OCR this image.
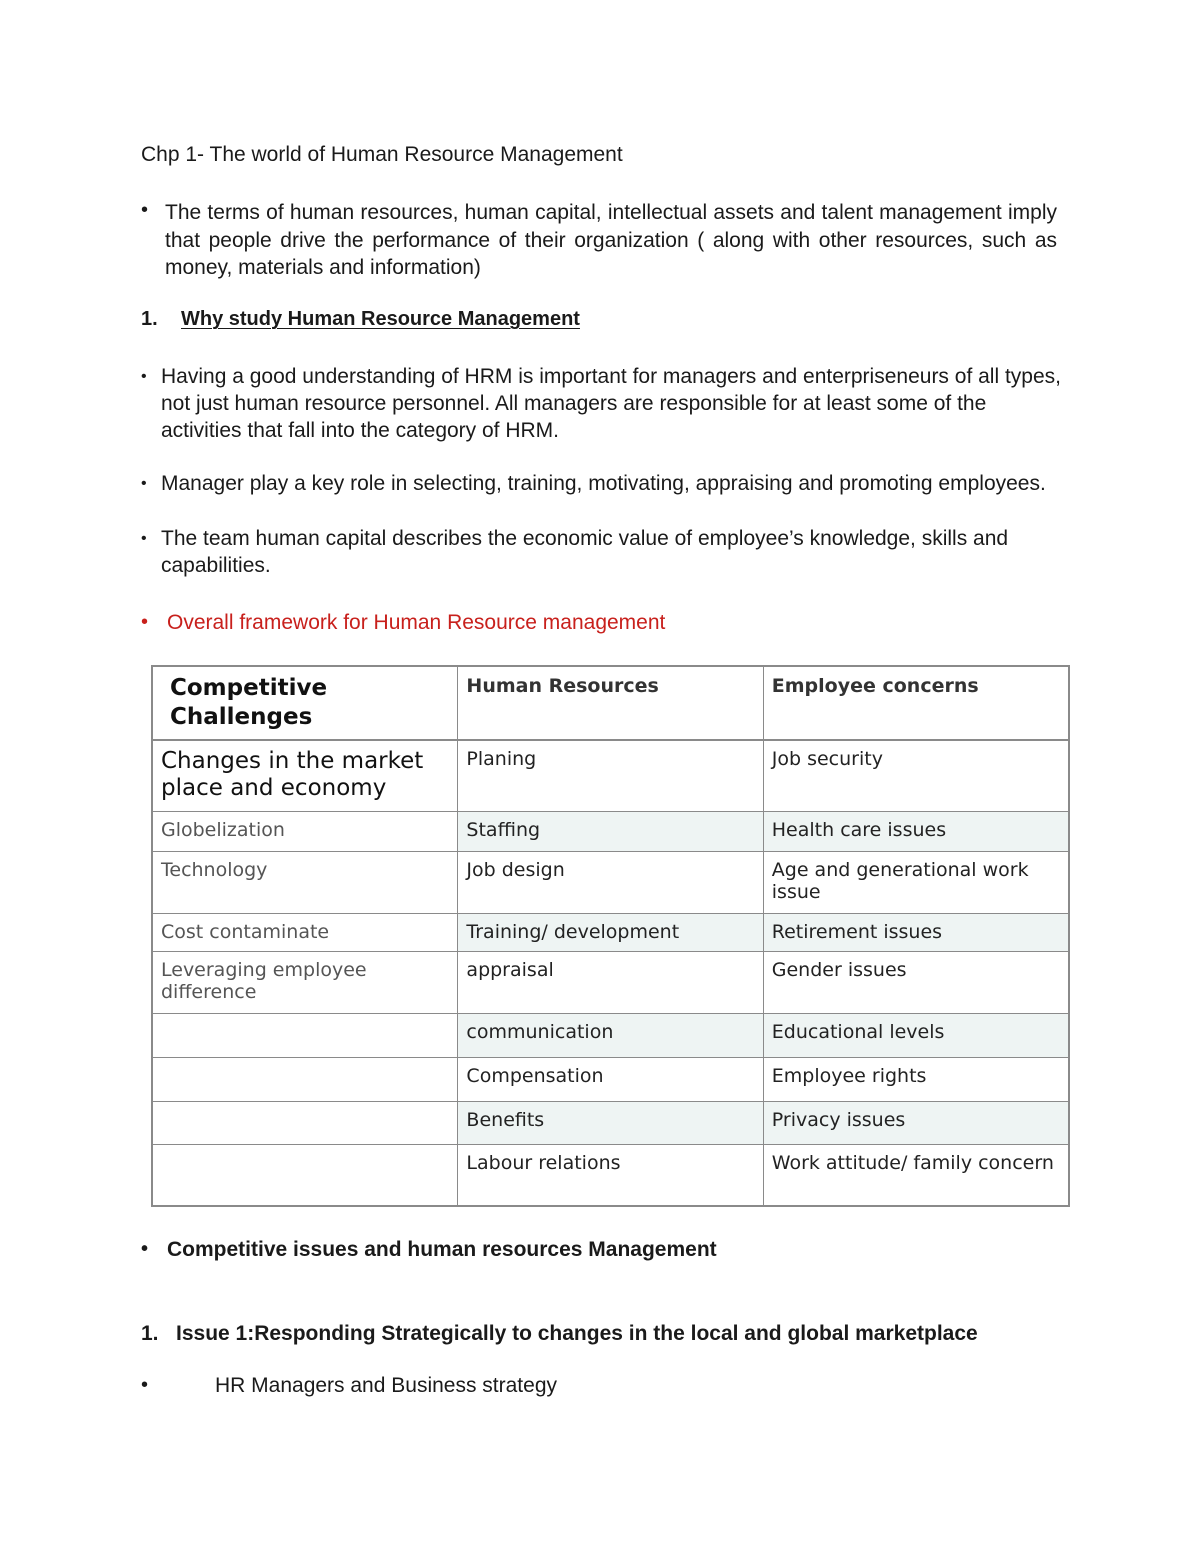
Chp 1- The world of Human Resource Management
• The terms of human resources, human capital, intellectual assets and talent management imply that people drive the performance of their organization ( along with other resources, such as money, materials and information)

1. Why study Human Resource Management
• Having a good understanding of HRM is important for managers and enterpriseneurs of all types, not just human resource personnel. All managers are responsible for at least some of the activities that fall into the category of HRM.

• Manager play a key role in selecting, training, motivating, appraising and promoting employees.

• The team human capital describes the economic value of employee’s knowledge, skills and capabilities.

• Overall framework for Human Resource management
Competitive Challenges	Human Resources	Employee concerns
Changes in the market place and economy	Planing	Job security
Globelization	Staffing	Health care issues
Technology	Job design	Age and generational work issue
Cost contaminate	Training/ development	Retirement issues
Leveraging employee difference	appraisal	Gender issues
	communication	Educational levels
	Compensation	Employee rights
	Benefits	Privacy issues
	Labour relations	Work attitude/ family concern
• Competitive issues and human resources Management
1. Issue 1:Responding Strategically to changes in the local and global marketplace

•	HR Managers and Business strategy
